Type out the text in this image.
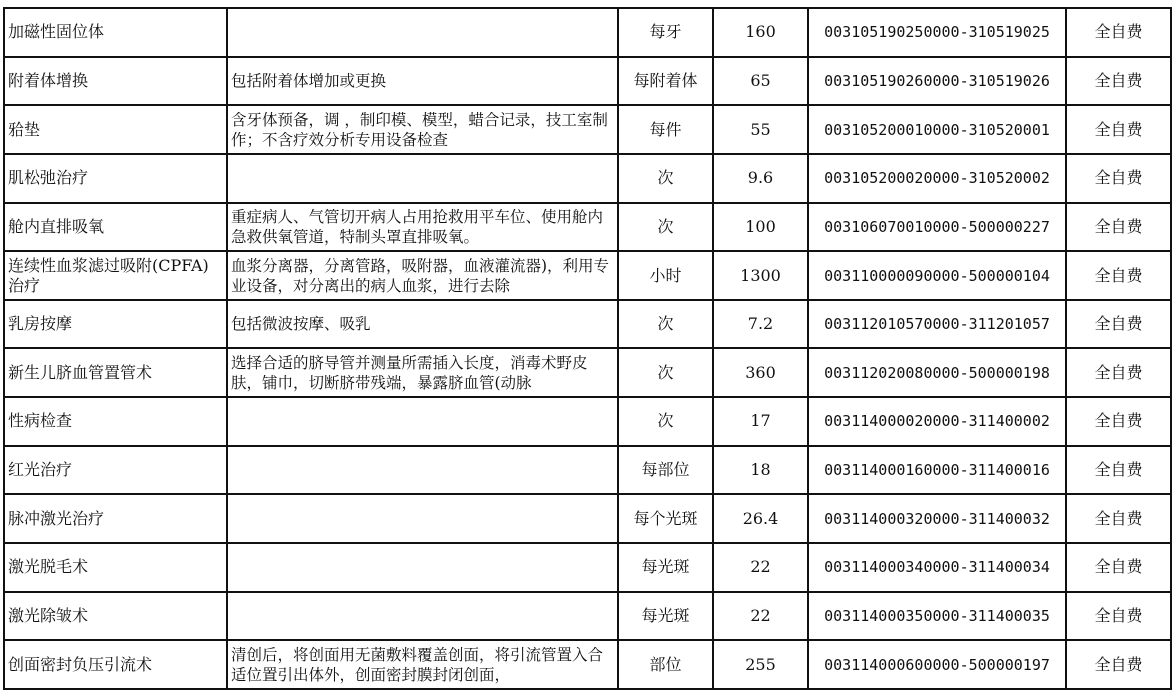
加磁性固位体		每牙	160	003105190250000-310519025	全自费
附着体增换	包括附着体增加或更换	每附着体	65	003105190260000-310519026	全自费
𬌗垫	含牙体预备，调 ，制印模、模型，蜡合记录，技工室制作；不含疗效分析专用设备检查	每件	55	003105200010000-310520001	全自费
肌松弛治疗		次	9.6	003105200020000-310520002	全自费
舱内直排吸氧	重症病人、气管切开病人占用抢救用平车位、使用舱内急救供氧管道，特制头罩直排吸氧。	次	100	003106070010000-500000227	全自费
连续性血浆滤过吸附(CPFA)治疗	血浆分离器，分离管路，吸附器，血液灌流器)，利用专业设备，对分离出的病人血浆，进行去除	小时	1300	003110000090000-500000104	全自费
乳房按摩	包括微波按摩、吸乳	次	7.2	003112010570000-311201057	全自费
新生儿脐血管置管术	选择合适的脐导管并测量所需插入长度，消毒术野皮肤，铺巾，切断脐带残端，暴露脐血管(动脉	次	360	003112020080000-500000198	全自费
性病检查		次	17	003114000020000-311400002	全自费
红光治疗		每部位	18	003114000160000-311400016	全自费
脉冲激光治疗		每个光斑	26.4	003114000320000-311400032	全自费
激光脱毛术		每光斑	22	003114000340000-311400034	全自费
激光除皱术		每光斑	22	003114000350000-311400035	全自费
创面密封负压引流术	清创后，将创面用无菌敷料覆盖创面，将引流管置入合适位置引出体外，创面密封膜封闭创面，	部位	255	003114000600000-500000197	全自费
